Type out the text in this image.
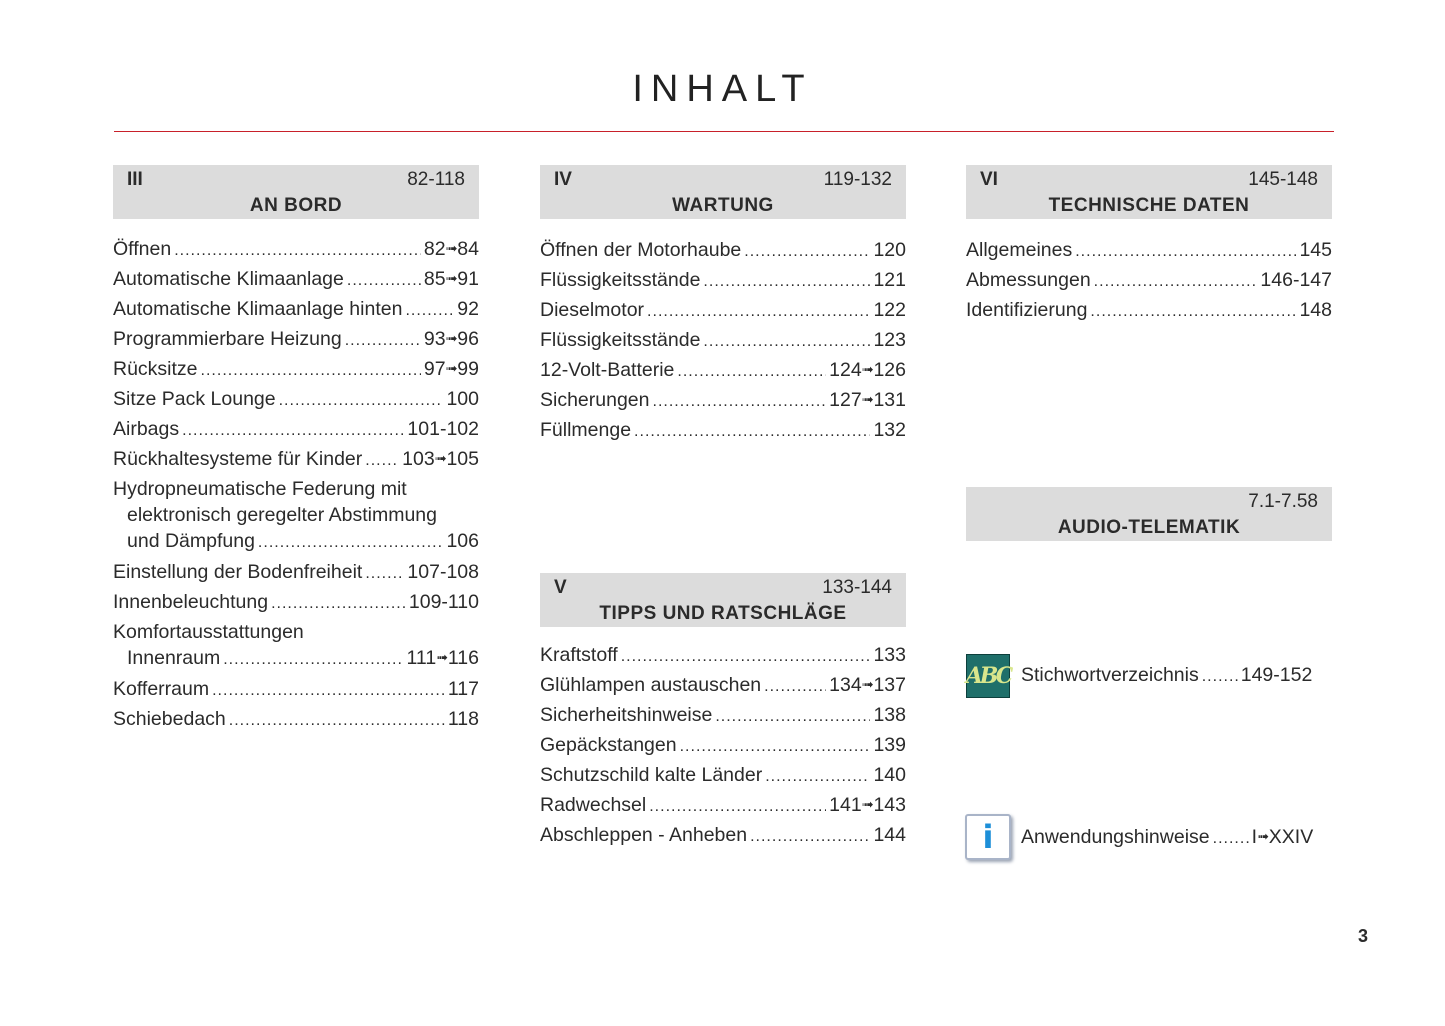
INHALT
III	82-118
AN BORD
Öffnen .....	82➟84
Automatische Klimaanlage .....	85➟91
Automatische Klimaanlage hinten .....	92
Programmierbare Heizung .....	93➟96
Rücksitze .....	97➟99
Sitze Pack Lounge .....	100
Airbags .....	101-102
Rückhaltesysteme für Kinder ..... 103➟105
Hydropneumatische Federung mit
elektronisch geregelter Abstimmung
und Dämpfung .....	106
Einstellung der Bodenfreiheit ..... 107-108
Innenbeleuchtung .....	109-110
Komfortausstattungen
Innenraum .....	111➟116
Kofferraum .....	117
Schiebedach .....	118
IV	119-132
WARTUNG
Öffnen der Motorhaube .....	120
Flüssigkeitsstände .....	121
Dieselmotor .....	122
Flüssigkeitsstände .....	123
12-Volt-Batterie .....	124➟126
Sicherungen .....	127➟131
Füllmenge .....	132
V	133-144
TIPPS UND RATSCHLÄGE
Kraftstoff .....	133
Glühlampen austauschen .....	134➟137
Sicherheitshinweise .....	138
Gepäckstangen .....	139
Schutzschild kalte Länder .....	140
Radwechsel .....	141➟143
Abschleppen - Anheben .....	144
VI	145-148
TECHNISCHE DATEN
Allgemeines .....	145
Abmessungen .....	146-147
Identifizierung .....	148
7.1-7.58
AUDIO-TELEMATIK
ABC Stichwortverzeichnis ..... 149-152
i	Anwendungshinweise ..... I➟XXIV
3
